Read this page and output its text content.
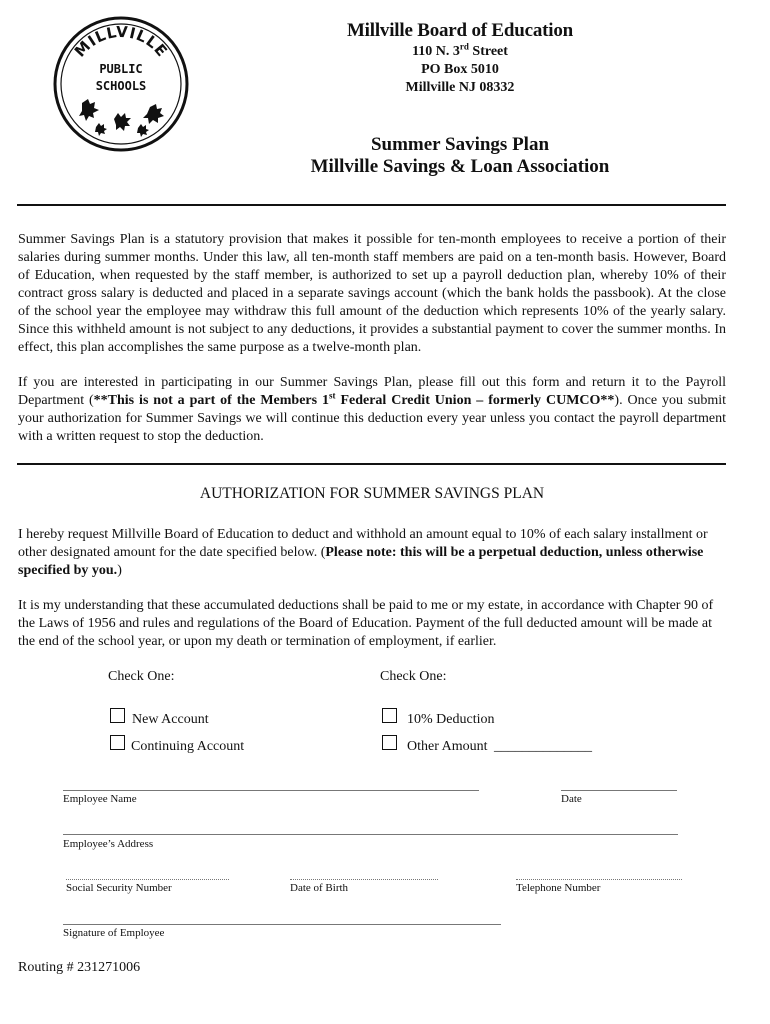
MILLVILLE
PUBLIC
SCHOOLS
Millville Board of Education
110 N. 3rd Street
PO Box 5010
Millville NJ 08332
Summer Savings Plan
Millville Savings & Loan Association
Summer Savings Plan is a statutory provision that makes it possible for ten-month employees to receive a portion of their salaries during summer months. Under this law, all ten-month staff members are paid on a ten-month basis. However, Board of Education, when requested by the staff member, is authorized to set up a payroll deduction plan, whereby 10% of their contract gross salary is deducted and placed in a separate savings account (which the bank holds the passbook). At the close of the school year the employee may withdraw this full amount of the deduction which represents 10% of the yearly salary. Since this withheld amount is not subject to any deductions, it provides a substantial payment to cover the summer months. In effect, this plan accomplishes the same purpose as a twelve-month plan.
If you are interested in participating in our Summer Savings Plan, please fill out this form and return it to the Payroll Department (**This is not a part of the Members 1st Federal Credit Union – formerly CUMCO**). Once you submit your authorization for Summer Savings we will continue this deduction every year unless you contact the payroll department with a written request to stop the deduction.
AUTHORIZATION FOR SUMMER SAVINGS PLAN
I hereby request Millville Board of Education to deduct and withhold an amount equal to 10% of each salary installment or other designated amount for the date specified below. (Please note: this will be a perpetual deduction, unless otherwise specified by you.)
It is my understanding that these accumulated deductions shall be paid to me or my estate, in accordance with Chapter 90 of the Laws of 1956 and rules and regulations of the Board of Education. Payment of the full deducted amount will be made at the end of the school year, or upon my death or termination of employment, if earlier.
Check One:
New Account
Continuing Account
Check One:
10% Deduction
Other Amount ______________
Employee Name	Date
Employee’s Address
Social Security Number	Date of Birth	Telephone Number
Signature of Employee
Routing # 231271006
